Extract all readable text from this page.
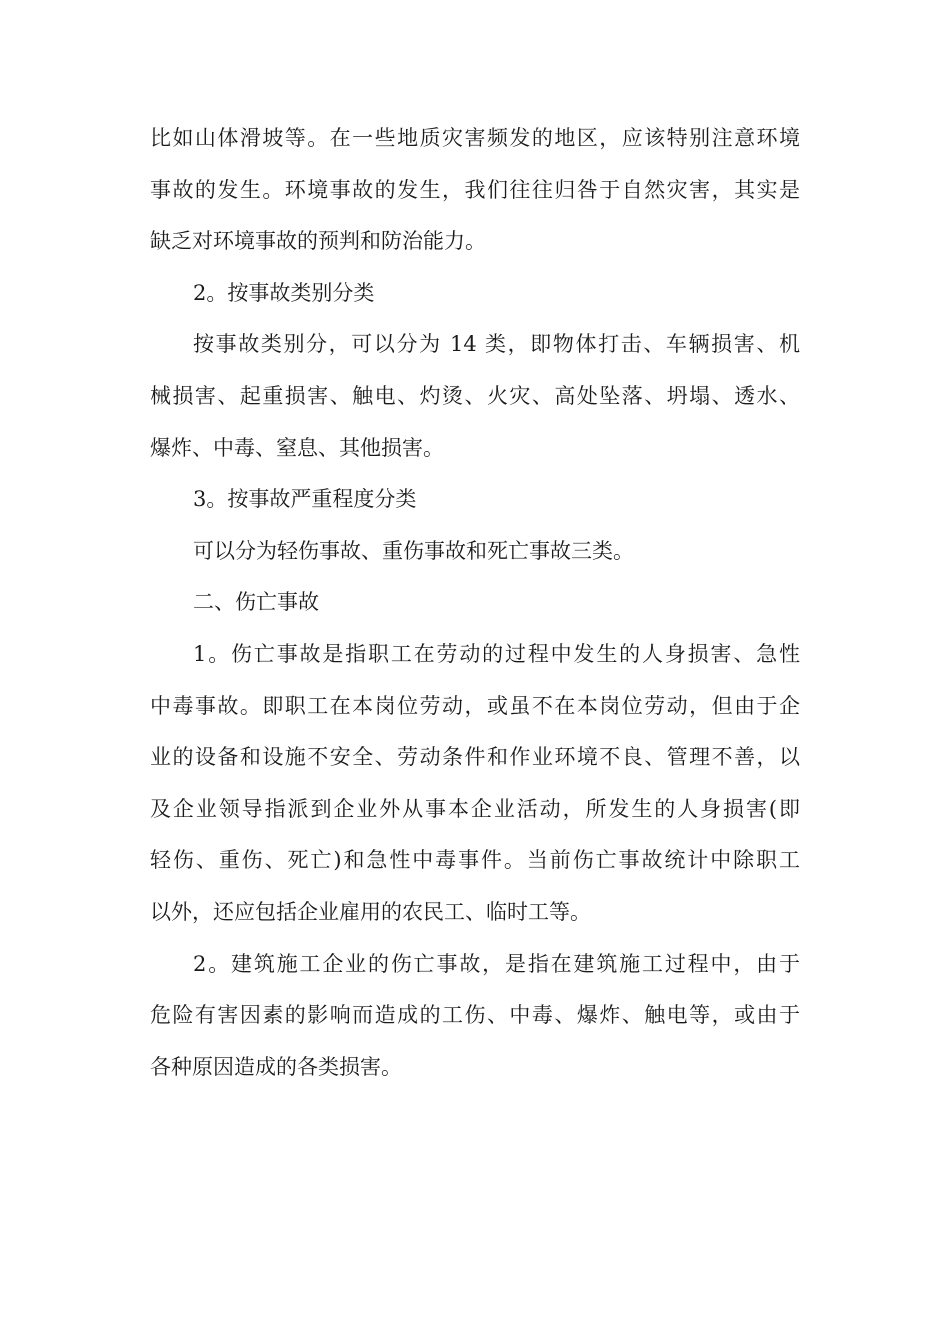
比如山体滑坡等。在一些地质灾害频发的地区，应该特别注意环境
事故的发生。环境事故的发生，我们往往归咎于自然灾害，其实是
缺乏对环境事故的预判和防治能力。
2。按事故类别分类
按事故类别分，可以分为 14 类，即物体打击、车辆损害、机
械损害、起重损害、触电、灼烫、火灾、高处坠落、坍塌、透水、
爆炸、中毒、窒息、其他损害。
3。按事故严重程度分类
可以分为轻伤事故、重伤事故和死亡事故三类。
二、伤亡事故
1。伤亡事故是指职工在劳动的过程中发生的人身损害、急性
中毒事故。即职工在本岗位劳动，或虽不在本岗位劳动，但由于企
业的设备和设施不安全、劳动条件和作业环境不良、管理不善，以
及企业领导指派到企业外从事本企业活动，所发生的人身损害(即
轻伤、重伤、死亡)和急性中毒事件。当前伤亡事故统计中除职工
以外，还应包括企业雇用的农民工、临时工等。
2。建筑施工企业的伤亡事故，是指在建筑施工过程中，由于
危险有害因素的影响而造成的工伤、中毒、爆炸、触电等，或由于
各种原因造成的各类损害。
